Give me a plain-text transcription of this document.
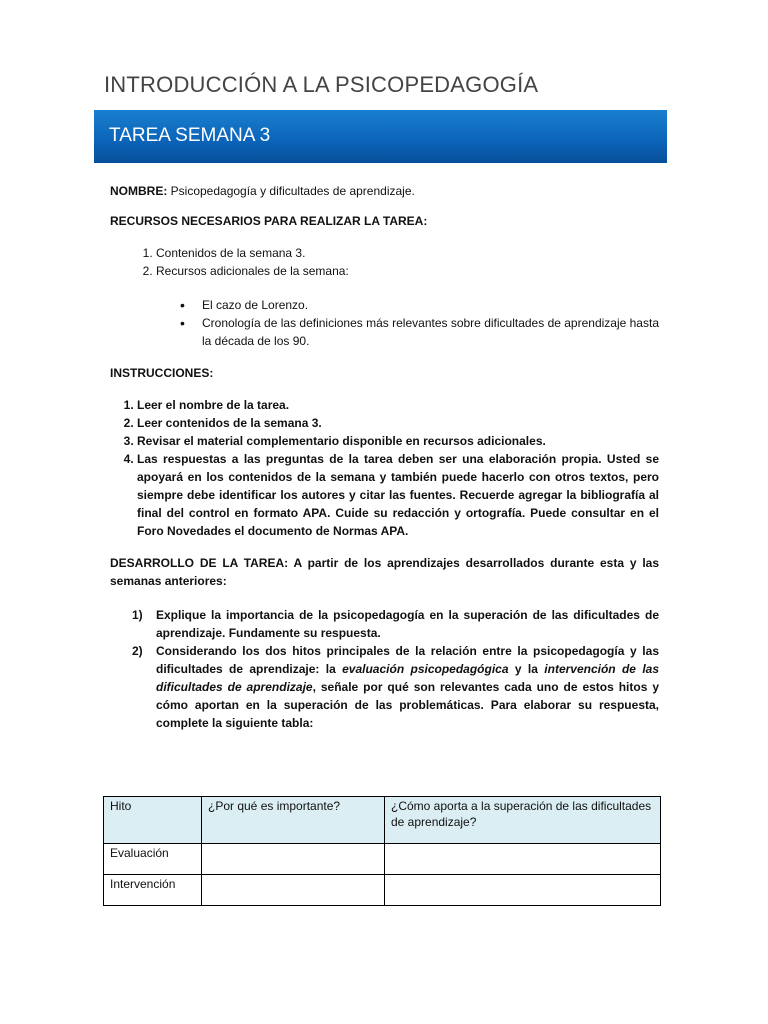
INTRODUCCIÓN A LA PSICOPEDAGOGÍA
TAREA SEMANA 3

NOMBRE: Psicopedagogía y dificultades de aprendizaje.

RECURSOS NECESARIOS PARA REALIZAR LA TAREA:

1. Contenidos de la semana 3.
2. Recursos adicionales de la semana:
• El cazo de Lorenzo.
• Cronología de las definiciones más relevantes sobre dificultades de aprendizaje hasta la década de los 90.

INSTRUCCIONES:

1. Leer el nombre de la tarea.
2. Leer contenidos de la semana 3.
3. Revisar el material complementario disponible en recursos adicionales.
4. Las respuestas a las preguntas de la tarea deben ser una elaboración propia. Usted se apoyará en los contenidos de la semana y también puede hacerlo con otros textos, pero siempre debe identificar los autores y citar las fuentes. Recuerde agregar la bibliografía al final del control en formato APA. Cuide su redacción y ortografía. Puede consultar en el Foro Novedades el documento de Normas APA.

DESARROLLO DE LA TAREA: A partir de los aprendizajes desarrollados durante esta y las semanas anteriores:

1) Explique la importancia de la psicopedagogía en la superación de las dificultades de aprendizaje. Fundamente su respuesta.
2) Considerando los dos hitos principales de la relación entre la psicopedagogía y las dificultades de aprendizaje: la evaluación psicopedagógica y la intervención de las dificultades de aprendizaje, señale por qué son relevantes cada uno de estos hitos y cómo aportan en la superación de las problemáticas. Para elaborar su respuesta, complete la siguiente tabla:
Hito	¿Por qué es importante?	¿Cómo aporta a la superación de las dificultades de aprendizaje?
Evaluación		
Intervención		
